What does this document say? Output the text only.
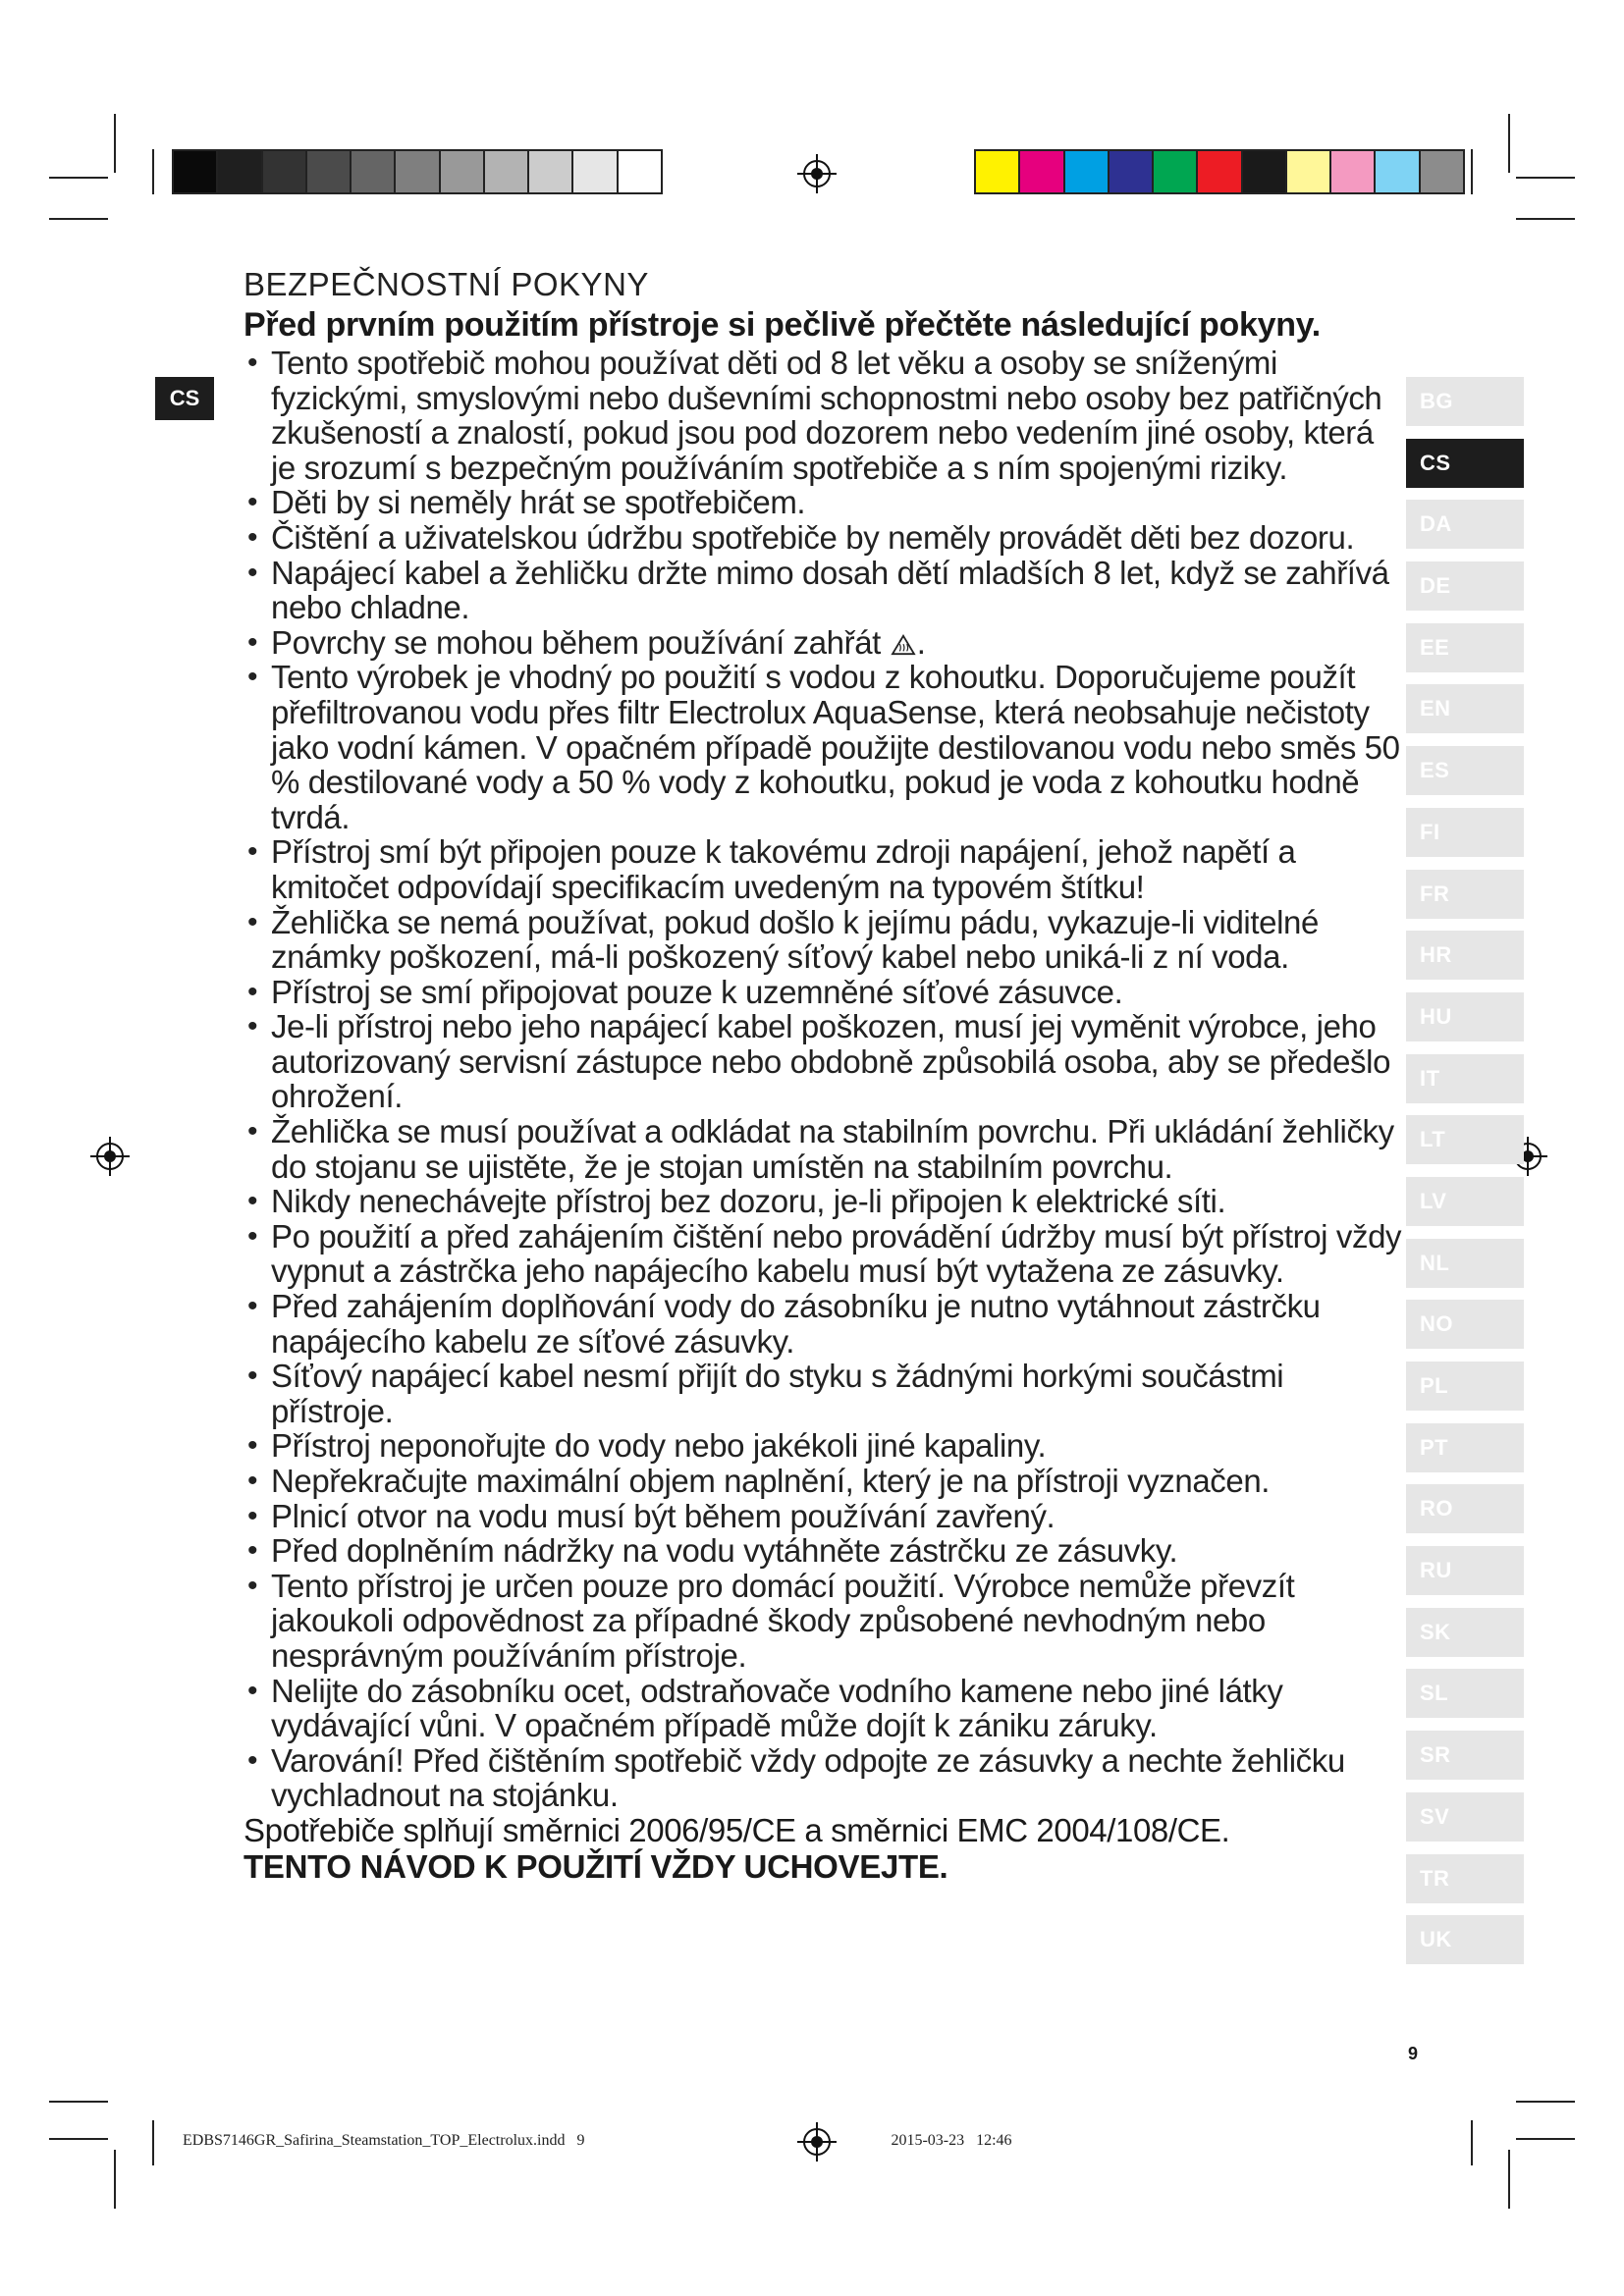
CS	BG
CS
DA
DE
EE
EN
ES
FI
FR
HR
HU
IT
LT
LV
NL
NO
PL
PT
RO
RU
SK
SL
SR
SV
TR
UK

BEZPEČNOSTNÍ POKYNY

Před prvním použitím přístroje si pečlivě přečtěte následující pokyny.

• Tento spotřebič mohou používat děti od 8 let věku a osoby se sníženými fyzickými, smyslovými nebo duševními schopnostmi nebo osoby bez patřičných zkušeností a znalostí, pokud jsou pod dozorem nebo vedením jiné osoby, která je srozumí s bezpečným používáním spotřebiče a s ním spojenými riziky.
• Děti by si neměly hrát se spotřebičem.
• Čištění a uživatelskou údržbu spotřebiče by neměly provádět děti bez dozoru.
• Napájecí kabel a žehličku držte mimo dosah dětí mladších 8 let, když se zahřívá nebo chladne.
• Povrchy se mohou během používání zahřát .
• Tento výrobek je vhodný po použití s vodou z kohoutku. Doporučujeme použít přefiltrovanou vodu přes filtr Electrolux AquaSense, která neobsahuje nečistoty jako vodní kámen. V opačném případě použijte destilovanou vodu nebo směs 50 % destilované vody a 50 % vody z kohoutku, pokud je voda z kohoutku hodně tvrdá.
• Přístroj smí být připojen pouze k takovému zdroji napájení, jehož napětí a kmitočet odpovídají specifikacím uvedeným na typovém štítku!
• Žehlička se nemá používat, pokud došlo k jejímu pádu, vykazuje-li viditelné známky poškození, má-li poškozený síťový kabel nebo uniká-li z ní voda.
• Přístroj se smí připojovat pouze k uzemněné síťové zásuvce.
• Je-li přístroj nebo jeho napájecí kabel poškozen, musí jej vyměnit výrobce, jeho autorizovaný servisní zástupce nebo obdobně způsobilá osoba, aby se předešlo ohrožení.
• Žehlička se musí používat a odkládat na stabilním povrchu. Při ukládání žehličky do stojanu se ujistěte, že je stojan umístěn na stabilním povrchu.
• Nikdy nenechávejte přístroj bez dozoru, je-li připojen k elektrické síti.
• Po použití a před zahájením čištění nebo provádění údržby musí být přístroj vždy vypnut a zástrčka jeho napájecího kabelu musí být vytažena ze zásuvky.
• Před zahájením doplňování vody do zásobníku je nutno vytáhnout zástrčku napájecího kabelu ze síťové zásuvky.
• Síťový napájecí kabel nesmí přijít do styku s žádnými horkými součástmi přístroje.
• Přístroj neponořujte do vody nebo jakékoli jiné kapaliny.
• Nepřekračujte maximální objem naplnění, který je na přístroji vyznačen.
• Plnicí otvor na vodu musí být během používání zavřený.
• Před doplněním nádržky na vodu vytáhněte zástrčku ze zásuvky.
• Tento přístroj je určen pouze pro domácí použití. Výrobce nemůže převzít jakoukoli odpovědnost za případné škody způsobené nevhodným nebo nesprávným používáním přístroje.
• Nelijte do zásobníku ocet, odstraňovače vodního kamene nebo jiné látky vydávající vůni. V opačném případě může dojít k zániku záruky.
• Varování! Před čištěním spotřebič vždy odpojte ze zásuvky a nechte žehličku vychladnout na stojánku.

Spotřebiče splňují směrnici 2006/95/CE a směrnici EMC 2004/108/CE.

TENTO NÁVOD K POUŽITÍ VŽDY UCHOVEJTE.

9
EDBS7146GR_Safirina_Steamstation_TOP_Electrolux.indd   9                                                                              2015-03-23   12:46
